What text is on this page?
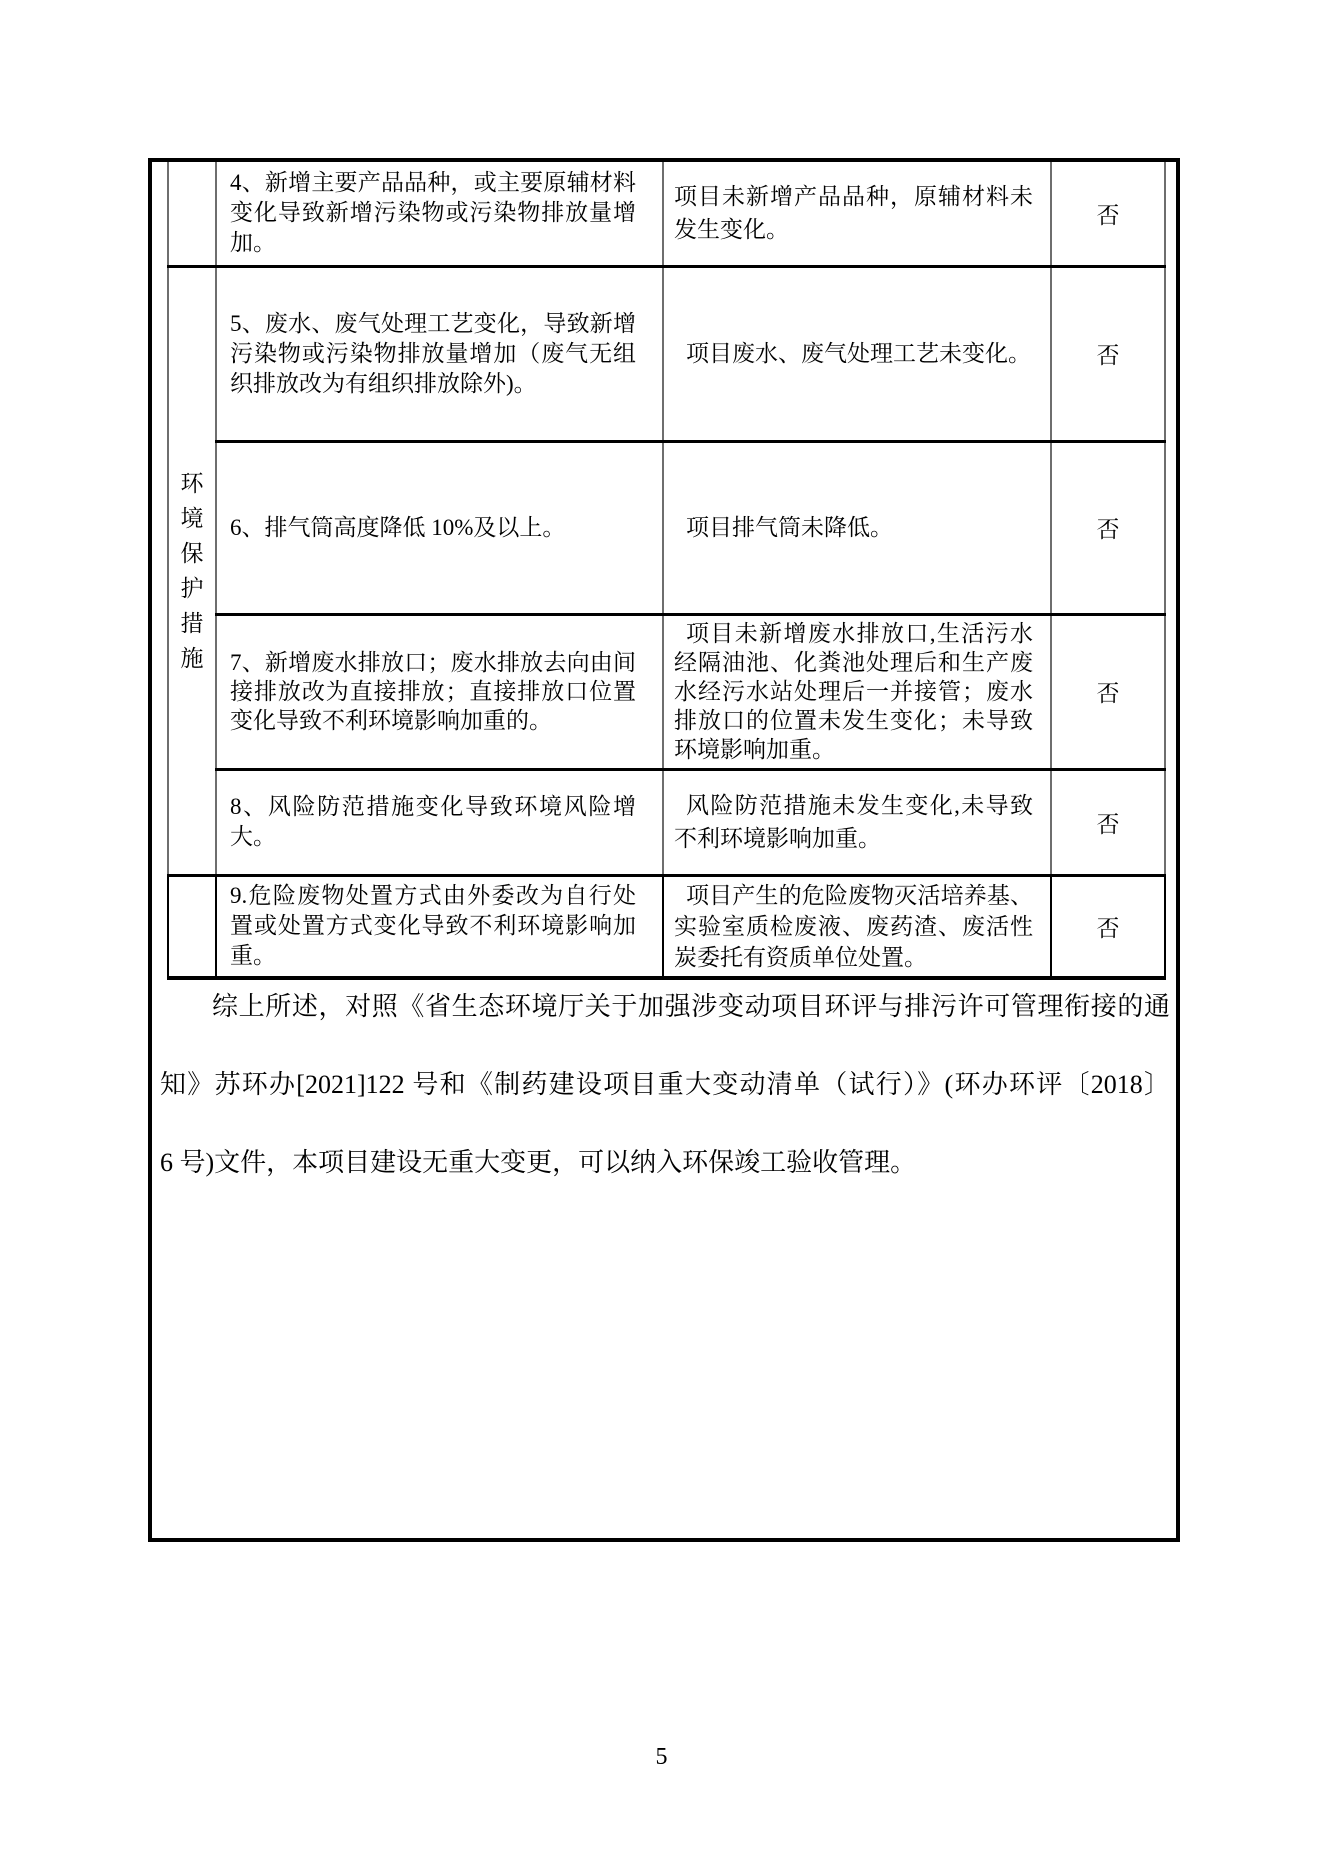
	4、新增主要产品品种，或主要原辅材料变化导致新增污染物或污染物排放量增加。	项目未新增产品品种，原辅材料未发生变化。	否

环境保护措施	5、废水、废气处理工艺变化，导致新增污染物或污染物排放量增加（废气无组织排放改为有组织排放除外)。	项目废水、废气处理工艺未变化。	否
	6、排气筒高度降低 10%及以上。	项目排气筒未降低。	否
	7、新增废水排放口；废水排放去向由间接排放改为直接排放；直接排放口位置变化导致不利环境影响加重的。	项目未新增废水排放口,生活污水经隔油池、化粪池处理后和生产废水经污水站处理后一并接管；废水排放口的位置未发生变化；未导致环境影响加重。	否
	8、风险防范措施变化导致环境风险增大。	风险防范措施未发生变化,未导致不利环境影响加重。	否
	9.危险废物处置方式由外委改为自行处置或处置方式变化导致不利环境影响加重。	项目产生的危险废物灭活培养基、实验室质检废液、废药渣、废活性炭委托有资质单位处置。	否
综上所述，对照《省生态环境厅关于加强涉变动项目环评与排污许可管理衔接的通
知》苏环办[2021]122 号和《制药建设项目重大变动清单（试行）》(环办环评〔2018〕
6 号)文件，本项目建设无重大变更，可以纳入环保竣工验收管理。
5
